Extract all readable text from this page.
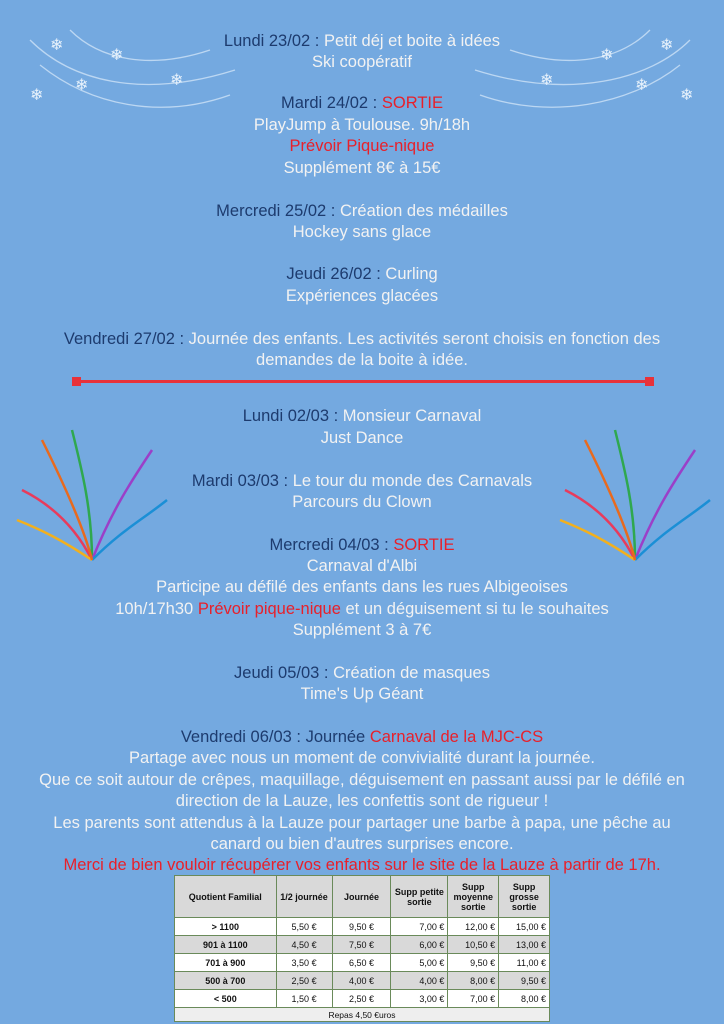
❄
❄
❄	❄
❄
❄
❄
❄
❄
❄
Lundi 23/02 : Petit déj et boite à idées
Ski coopératif
Mardi 24/02 : SORTIE
PlayJump à Toulouse. 9h/18h
Prévoir Pique-nique
Supplément 8€ à 15€
Mercredi 25/02 : Création des médailles
Hockey sans glace
Jeudi 26/02 : Curling
Expériences glacées
Vendredi 27/02 : Journée des enfants. Les activités seront choisis en fonction des
demandes de la boite à idée.
Lundi 02/03 : Monsieur Carnaval
Just Dance
Mardi 03/03 : Le tour du monde des Carnavals
Parcours du Clown
Mercredi 04/03 : SORTIE
Carnaval d'Albi
Participe au défilé des enfants dans les rues Albigeoises
10h/17h30 Prévoir pique-nique et un déguisement si tu le souhaites
Supplément 3 à 7€
Jeudi 05/03 : Création de masques
Time's Up Géant
Vendredi 06/03 : Journée Carnaval de la MJC-CS
Partage avec nous un moment de convivialité durant la journée.
Que ce soit autour de crêpes, maquillage, déguisement en passant aussi par le défilé en
direction de la Lauze, les confettis sont de rigueur !
Les parents sont attendus à la Lauze pour partager une barbe à papa, une pêche au
canard ou bien d'autres surprises encore.
Merci de bien vouloir récupérer vos enfants sur le site de la Lauze à partir de 17h.
Quotient Familial	1/2 journée	Journée	Supp petite sortie	Supp moyenne sortie	Supp grosse sortie
> 1100	5,50 €	9,50 €	7,00 €	12,00 €	15,00 €
901 à 1100	4,50 €	7,50 €	6,00 €	10,50 €	13,00 €
701 à 900	3,50 €	6,50 €	5,00 €	9,50 €	11,00 €
500 à 700	2,50 €	4,00 €	4,00 €	8,00 €	9,50 €
< 500	1,50 €	2,50 €	3,00 €	7,00 €	8,00 €
Repas 4,50 €uros					
